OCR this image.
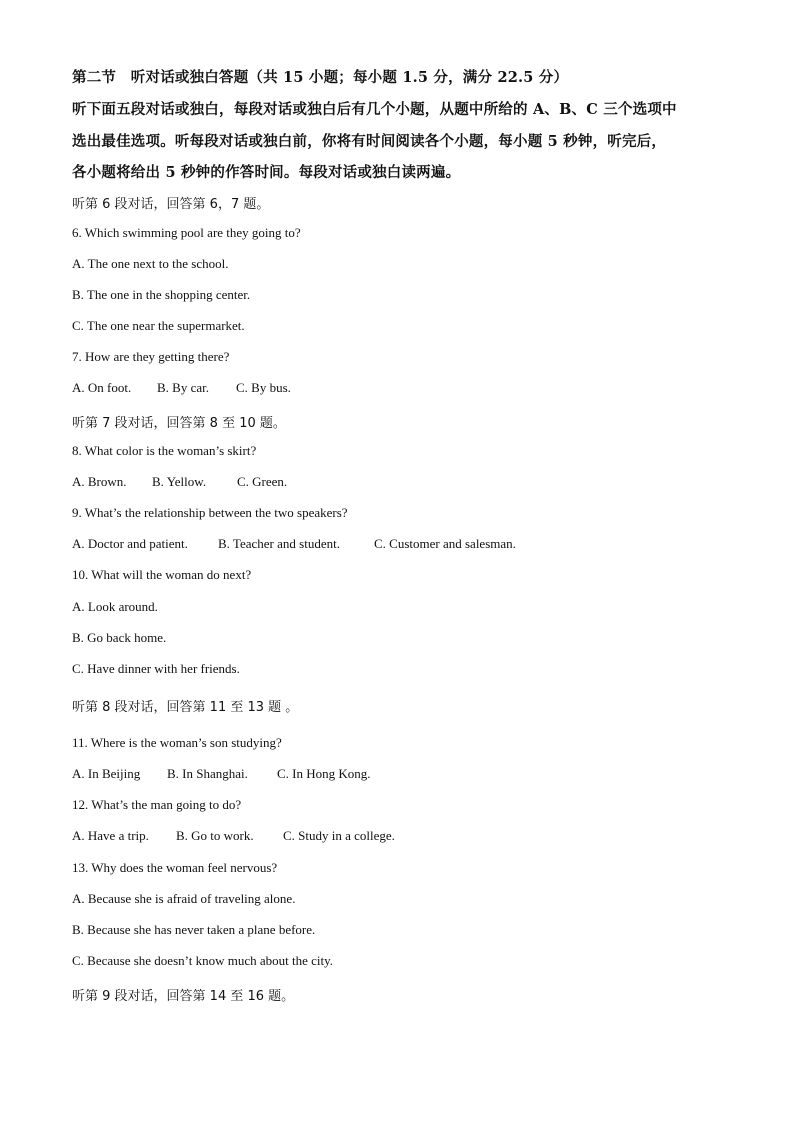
第二节　听对话或独白答题（共 15 小题；每小题 1.5 分，满分 22.5 分）
听下面五段对话或独白，每段对话或独白后有几个小题，从题中所给的 A、B、C 三个选项中
选出最佳选项。听每段对话或独白前，你将有时间阅读各个小题，每小题 5 秒钟，听完后，
各小题将给出 5 秒钟的作答时间。每段对话或独白读两遍。
听第 6 段对话，回答第 6，7 题。
6. Which swimming pool are they going to?
A. The one next to the school.
B. The one in the shopping center.
C. The one near the supermarket.
7. How are they getting there?
A. On foot. B. By car. C. By bus.
听第 7 段对话，回答第 8 至 10 题。
8. What color is the woman’s skirt?
A. Brown. B. Yellow. C. Green.
9. What’s the relationship between the two speakers?
A. Doctor and patient. B. Teacher and student.	C. Customer and salesman.
10. What will the woman do next?
A. Look around.
B. Go back home.
C. Have dinner with her friends.
听第 8 段对话，回答第 11 至 13 题 。
11. Where is the woman’s son studying?
A. In Beijing B. In Shanghai. C. In Hong Kong.
12. What’s the man going to do?
A. Have a trip. B. Go to work. C. Study in a college.
13. Why does the woman feel nervous?
A. Because she is afraid of traveling alone.
B. Because she has never taken a plane before.
C. Because she doesn’t know much about the city.
听第 9 段对话，回答第 14 至 16 题。
